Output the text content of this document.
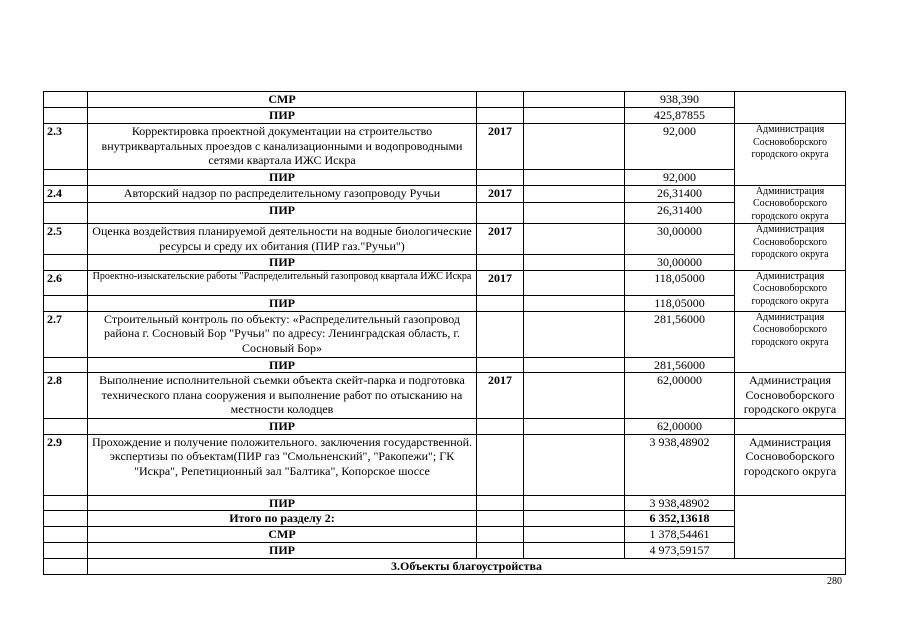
	СМР			938,390	
	ПИР			425,87855	
2.3	Корректировка проектной документации на строительство внутриквартальных проездов с канализационными и водопроводными сетями квартала ИЖС Искра	2017		92,000	Администрация Сосновоборского городского округа
	ПИР			92,000	
2.4	Авторский надзор по распределительному газопроводу Ручьи	2017		26,31400	Администрация Сосновоборского городского округа
	ПИР			26,31400	
2.5	Оценка воздействия планируемой деятельности на водные биологические ресурсы и среду их обитания (ПИР газ."Ручьи")	2017		30,00000	Администрация Сосновоборского городского округа
	ПИР			30,00000	
2.6	Проектно-изыскательские работы "Распределительный газопровод квартала ИЖС Искра	2017		118,05000	Администрация Сосновоборского городского округа
	ПИР			118,05000	
2.7	Строительный контроль по объекту: «Распределительный газопровод района г. Сосновый Бор "Ручьи" по адресу: Ленинградская область, г. Сосновый Бор»			281,56000	Администрация Сосновоборского городского округа
	ПИР			281,56000	
2.8	Выполнение исполнительной съемки объекта скейт-парка и подготовка технического плана сооружения и выполнение работ по отысканию на местности колодцев	2017		62,00000	Администрация Сосновоборского городского округа
	ПИР			62,00000	
2.9	Прохождение и получение положительного. заключения государственной. экспертизы по объектам(ПИР газ "Смольненский", "Ракопежи"; ГК "Искра", Репетиционный зал "Балтика", Копорское шоссе			3 938,48902	Администрация Сосновоборского городского округа
	ПИР			3 938,48902	
	Итого по разделу 2:			6 352,13618	
	СМР			1 378,54461	
	ПИР			4 973,59157	
	3.Объекты благоустройства				
280
